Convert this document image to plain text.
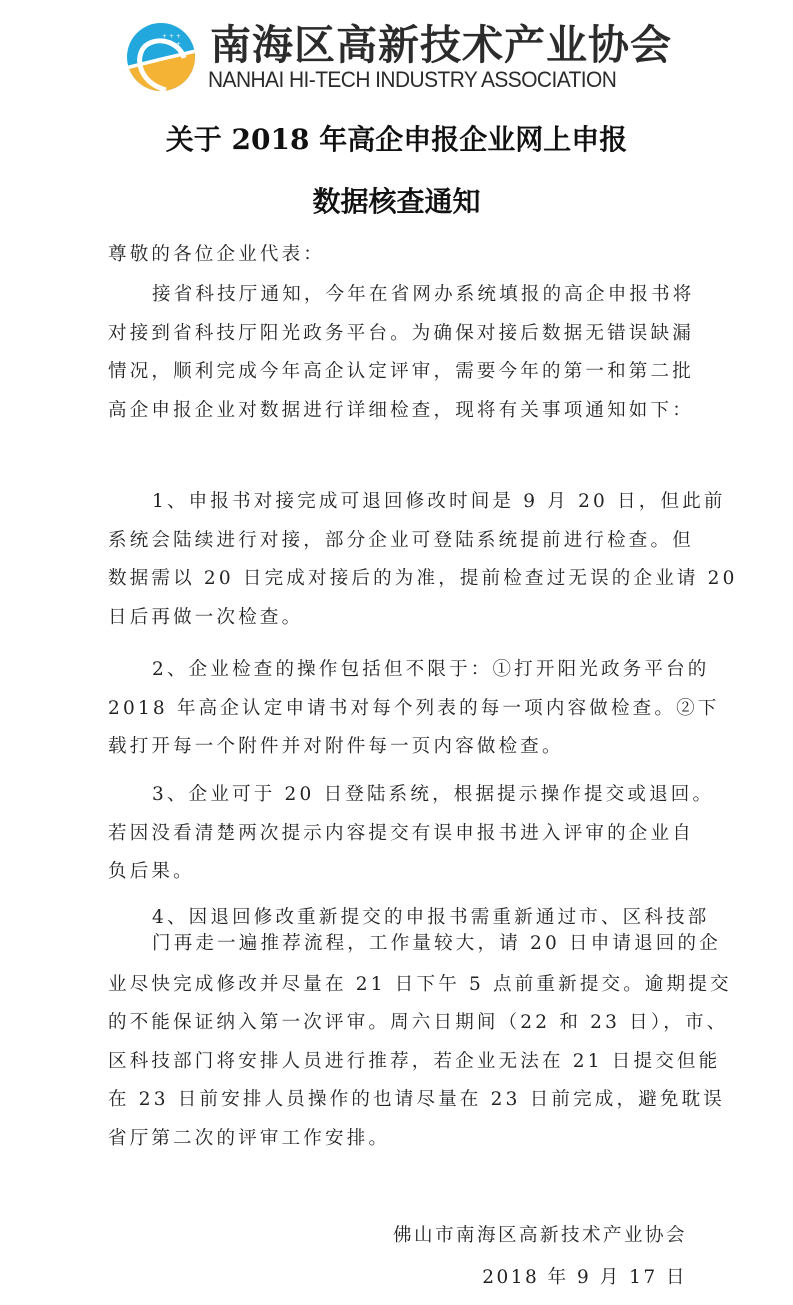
+ + +
+ 南海区高新技术产业协会
NANHAI HI-TECH INDUSTRY ASSOCIATION
关于 2018 年高企申报企业网上申报
数据核查通知
尊敬的各位企业代表：
接省科技厅通知，今年在省网办系统填报的高企申报书将
对接到省科技厅阳光政务平台。为确保对接后数据无错误缺漏
情况，顺利完成今年高企认定评审，需要今年的第一和第二批
高企申报企业对数据进行详细检查，现将有关事项通知如下：
1、申报书对接完成可退回修改时间是 9 月 20 日，但此前
系统会陆续进行对接，部分企业可登陆系统提前进行检查。但
数据需以 20 日完成对接后的为准，提前检查过无误的企业请 20
日后再做一次检查。
2、企业检查的操作包括但不限于：①打开阳光政务平台的
2018 年高企认定申请书对每个列表的每一项内容做检查。②下
载打开每一个附件并对附件每一页内容做检查。
3、企业可于 20 日登陆系统，根据提示操作提交或退回。
若因没看清楚两次提示内容提交有误申报书进入评审的企业自
负后果。
4、因退回修改重新提交的申报书需重新通过市、区科技部
门再走一遍推荐流程，工作量较大，请 20 日申请退回的企
业尽快完成修改并尽量在 21 日下午 5 点前重新提交。逾期提交
的不能保证纳入第一次评审。周六日期间（22 和 23 日），市、
区科技部门将安排人员进行推荐，若企业无法在 21 日提交但能
在 23 日前安排人员操作的也请尽量在 23 日前完成，避免耽误
省厅第二次的评审工作安排。
佛山市南海区高新技术产业协会
2018 年 9 月 17 日
